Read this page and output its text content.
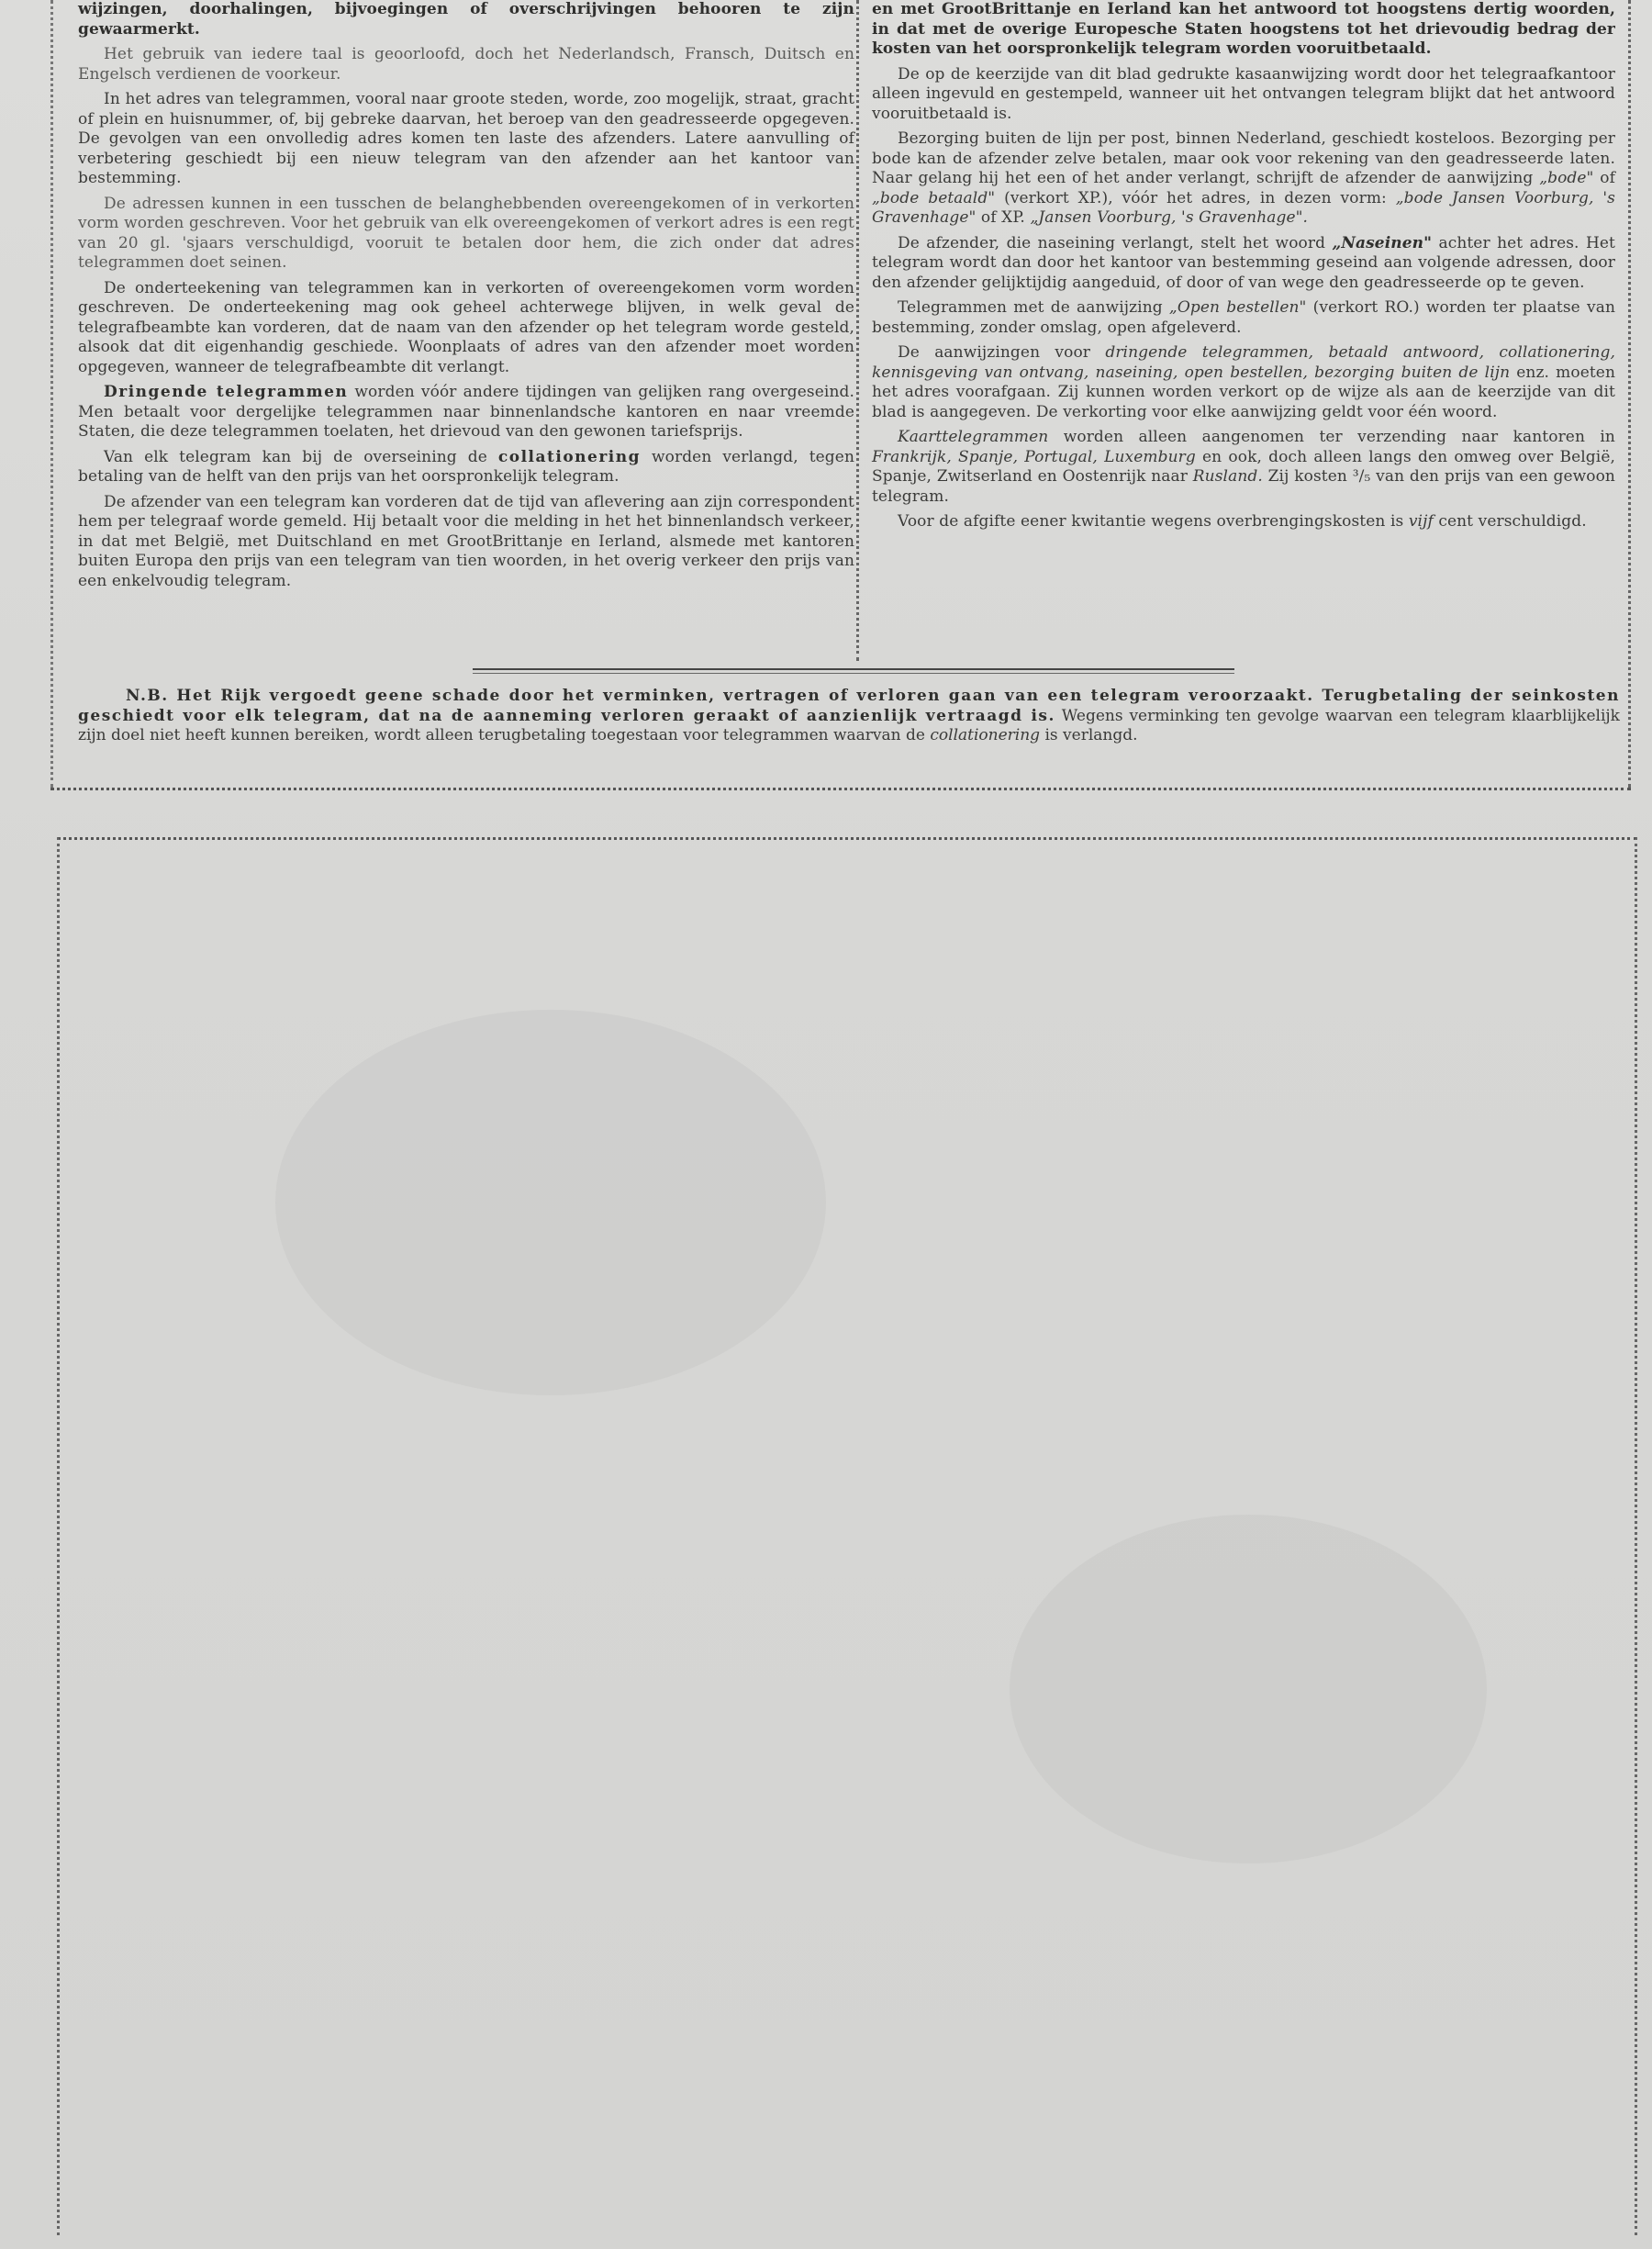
wijzingen, doorhalingen, bijvoegingen of overschrijvingen behooren te zijn gewaarmerkt.

Het gebruik van iedere taal is geoorloofd, doch het Nederlandsch, Fransch, Duitsch en Engelsch verdienen de voorkeur.

In het adres van telegrammen, vooral naar groote steden, worde, zoo mogelijk, straat, gracht of plein en huisnummer, of, bij gebreke daarvan, het beroep van den geadresseerde opgegeven. De gevolgen van een onvolledig adres komen ten laste des afzenders. Latere aanvulling of verbetering geschiedt bij een nieuw telegram van den afzender aan het kantoor van bestemming.

De adressen kunnen in een tusschen de belanghebbenden overeengekomen of in verkorten vorm worden geschreven. Voor het gebruik van elk overeengekomen of verkort adres is een regt van 20 gl. 'sjaars verschuldigd, vooruit te betalen door hem, die zich onder dat adres telegrammen doet seinen.

De onderteekening van telegrammen kan in verkorten of overeengekomen vorm worden geschreven. De onderteekening mag ook geheel achterwege blijven, in welk geval de telegrafbeambte kan vorderen, dat de naam van den afzender op het telegram worde gesteld, alsook dat dit eigenhandig geschiede. Woonplaats of adres van den afzender moet worden opgegeven, wanneer de telegrafbeambte dit verlangt.

Dringende telegrammen worden vóór andere tijdingen van gelijken rang overgeseind. Men betaalt voor dergelijke telegrammen naar binnenlandsche kantoren en naar vreemde Staten, die deze telegrammen toelaten, het drievoud van den gewonen tariefsprijs.

Van elk telegram kan bij de overseining de collationering worden verlangd, tegen betaling van de helft van den prijs van het oorspronkelijk telegram.

De afzender van een telegram kan vorderen dat de tijd van aflevering aan zijn correspondent hem per telegraaf worde gemeld. Hij betaalt voor die melding in het het binnenlandsch verkeer, in dat met België, met Duitschland en met GrootBrittanje en Ierland, alsmede met kantoren buiten Europa den prijs van een telegram van tien woorden, in het overig verkeer den prijs van een enkelvoudig telegram.

en met GrootBrittanje en Ierland kan het antwoord tot hoogstens dertig woorden, in dat met de overige Europesche Staten hoogstens tot het drievoudig bedrag der kosten van het oorspronkelijk telegram worden vooruitbetaald.

De op de keerzijde van dit blad gedrukte kasaanwijzing wordt door het telegraafkantoor alleen ingevuld en gestempeld, wanneer uit het ontvangen telegram blijkt dat het antwoord vooruitbetaald is.

Bezorging buiten de lijn per post, binnen Nederland, geschiedt kosteloos. Bezorging per bode kan de afzender zelve betalen, maar ook voor rekening van den geadresseerde laten. Naar gelang hij het een of het ander verlangt, schrijft de afzender de aanwijzing „bode" of „bode betaald" (verkort XP.), vóór het adres, in dezen vorm: „bode Jansen Voorburg, 's Gravenhage" of XP. „Jansen Voorburg, 's Gravenhage".

De afzender, die naseining verlangt, stelt het woord „Naseinen" achter het adres. Het telegram wordt dan door het kantoor van bestemming geseind aan volgende adressen, door den afzender gelijktijdig aangeduid, of door of van wege den geadresseerde op te geven.

Telegrammen met de aanwijzing „Open bestellen" (verkort RO.) worden ter plaatse van bestemming, zonder omslag, open afgeleverd.

De aanwijzingen voor dringende telegrammen, betaald antwoord, collationering, kennisgeving van ontvang, naseining, open bestellen, bezorging buiten de lijn enz. moeten het adres voorafgaan. Zij kunnen worden verkort op de wijze als aan de keerzijde van dit blad is aangegeven. De verkorting voor elke aanwijzing geldt voor één woord.

Kaarttelegrammen worden alleen aangenomen ter verzending naar kantoren in Frankrijk, Spanje, Portugal, Luxemburg en ook, doch alleen langs den omweg over België, Spanje, Zwitserland en Oostenrijk naar Rusland. Zij kosten ³/₅ van den prijs van een gewoon telegram.

Voor de afgifte eener kwitantie wegens overbrengingskosten is vijf cent verschuldigd.

N.B. Het Rijk vergoedt geene schade door het verminken, vertragen of verloren gaan van een telegram veroorzaakt. Terugbetaling der seinkosten geschiedt voor elk telegram, dat na de aanneming verloren geraakt of aanzienlijk vertraagd is. Wegens verminking ten gevolge waarvan een telegram klaarblijkelijk zijn doel niet heeft kunnen bereiken, wordt alleen terugbetaling toegestaan voor telegrammen waarvan de collationering is verlangd.
